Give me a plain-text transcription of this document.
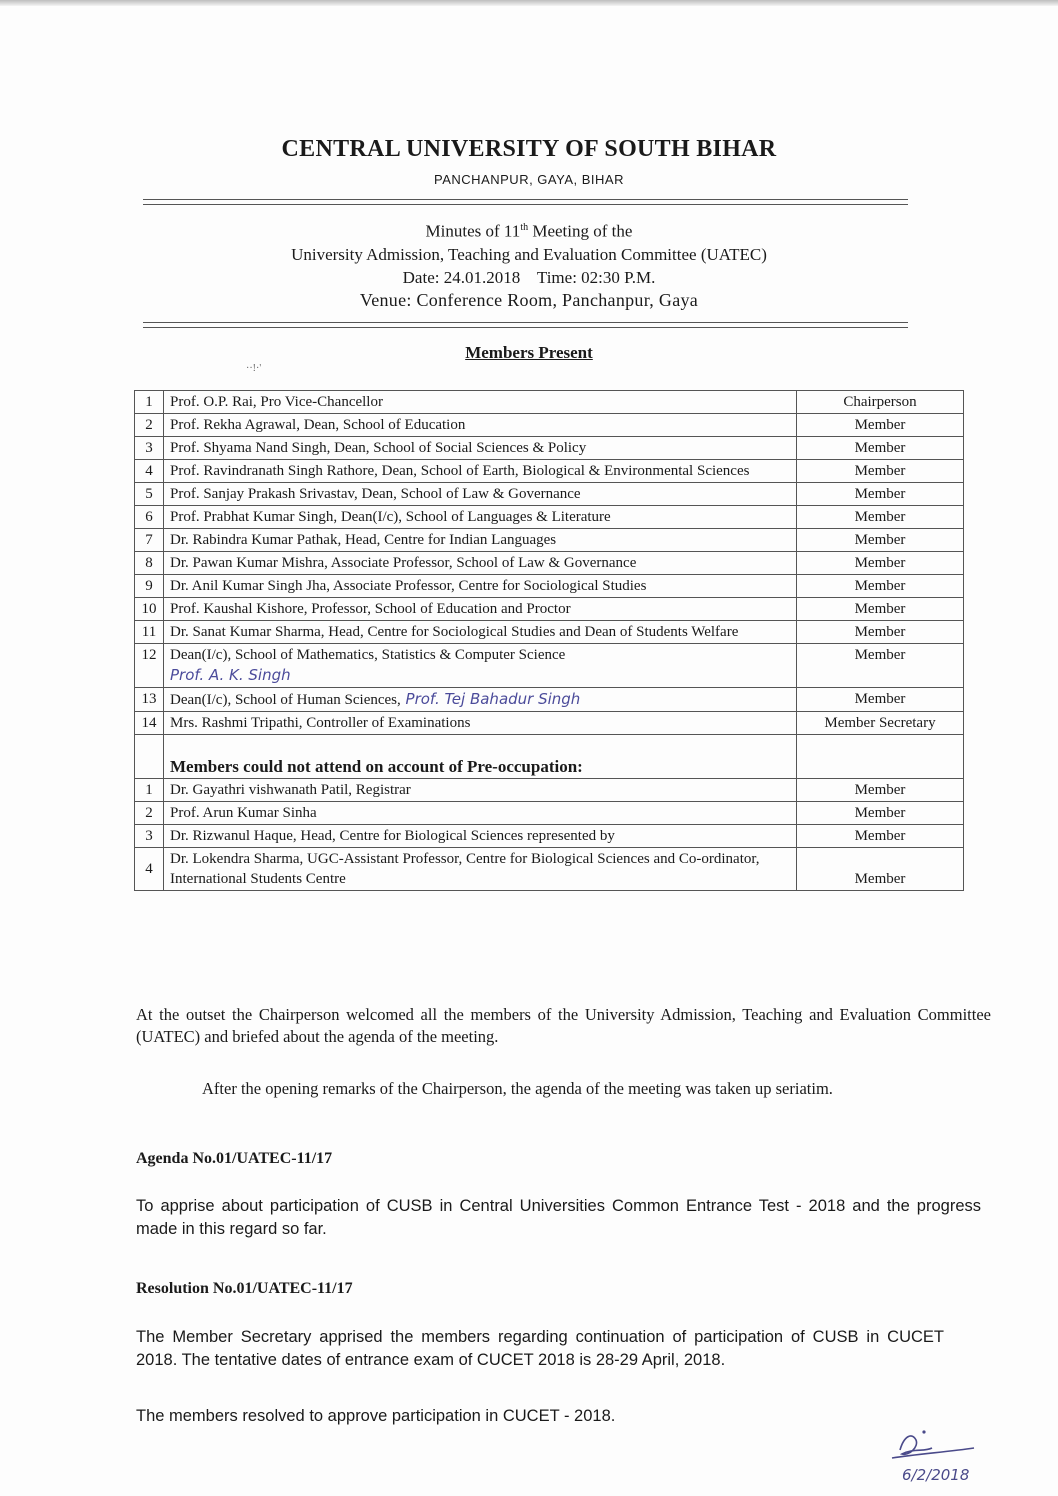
CENTRAL UNIVERSITY OF SOUTH BIHAR
PANCHANPUR, GAYA, BIHAR
Minutes of 11th Meeting of the
University Admission, Teaching and Evaluation Committee (UATEC)
Date: 24.01.2018    Time: 02:30 P.M.
Venue: Conference Room, Panchanpur, Gaya
Members Present
··!·'
1	Prof. O.P. Rai, Pro Vice-Chancellor	Chairperson
2	Prof. Rekha Agrawal, Dean, School of Education	Member
3	Prof. Shyama Nand Singh, Dean, School of Social Sciences & Policy	Member
4	Prof. Ravindranath Singh Rathore, Dean, School of Earth, Biological & Environmental Sciences	Member
5	Prof. Sanjay Prakash Srivastav, Dean, School of Law & Governance	Member
6	Prof. Prabhat Kumar Singh, Dean(I/c), School of Languages & Literature	Member
7	Dr. Rabindra Kumar Pathak, Head, Centre for Indian Languages	Member
8	Dr. Pawan Kumar Mishra, Associate Professor, School of Law & Governance	Member
9	Dr. Anil Kumar Singh Jha, Associate Professor, Centre for Sociological Studies	Member
10	Prof. Kaushal Kishore, Professor, School of Education and Proctor	Member
11	Dr. Sanat Kumar Sharma, Head, Centre for Sociological Studies and Dean of Students Welfare	Member
12	Dean(I/c), School of Mathematics, Statistics & Computer Science
Prof. A. K. Singh	Member
13	Dean(I/c), School of Human Sciences, Prof. Tej Bahadur Singh	Member
14	Mrs. Rashmi Tripathi, Controller of Examinations	Member Secretary
	Members could not attend on account of Pre-occupation:	
1	Dr. Gayathri vishwanath Patil, Registrar	Member
2	Prof. Arun Kumar Sinha	Member
3	Dr. Rizwanul Haque, Head, Centre for Biological Sciences represented by	Member
4	Dr. Lokendra Sharma, UGC-Assistant Professor, Centre for Biological Sciences and Co-ordinator, International Students Centre	Member
At the outset the Chairperson welcomed all the members of the University Admission, Teaching and Evaluation Committee (UATEC) and briefed about the agenda of the meeting.
After the opening remarks of the Chairperson, the agenda of the meeting was taken up seriatim.
Agenda No.01/UATEC-11/17
To apprise about participation of CUSB in Central Universities Common Entrance Test - 2018 and the progress made in this regard so far.
Resolution No.01/UATEC-11/17
The Member Secretary apprised the members regarding continuation of participation of CUSB in CUCET 2018. The tentative dates of entrance exam of CUCET 2018 is 28-29 April, 2018.
The members resolved to approve participation in CUCET - 2018.
6/2/2018
